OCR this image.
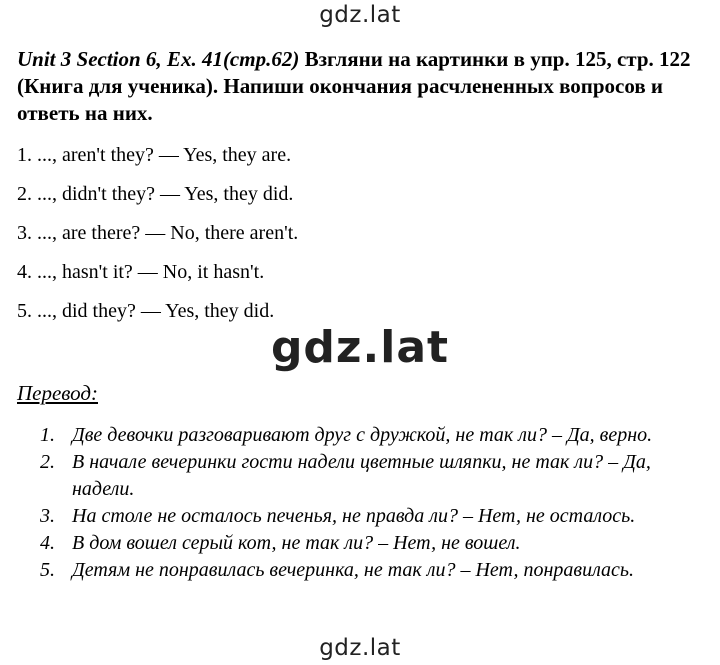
gdz.lat
Unit 3 Section 6, Ex. 41(стр.62) Взгляни на картинки в упр. 125, стр. 122 (Книга для ученика). Напиши окончания расчлененных вопросов и ответь на них.
1. ..., aren't they? — Yes, they are.
2. ..., didn't they? — Yes, they did.
3. ..., are there? — No, there aren't.
4. ..., hasn't it? — No, it hasn't.
5. ..., did they? — Yes, they did.
gdz.lat
Перевод:
1. Две девочки разговаривают друг с дружкой, не так ли? – Да, верно.
2. В начале вечеринки гости надели цветные шляпки, не так ли? – Да, надели.
3. На столе не осталось печенья, не правда ли? – Нет, не осталось.
4. В дом вошел серый кот, не так ли? – Нет, не вошел.
5. Детям не понравилась вечеринка, не так ли? – Нет, понравилась.
gdz.lat
